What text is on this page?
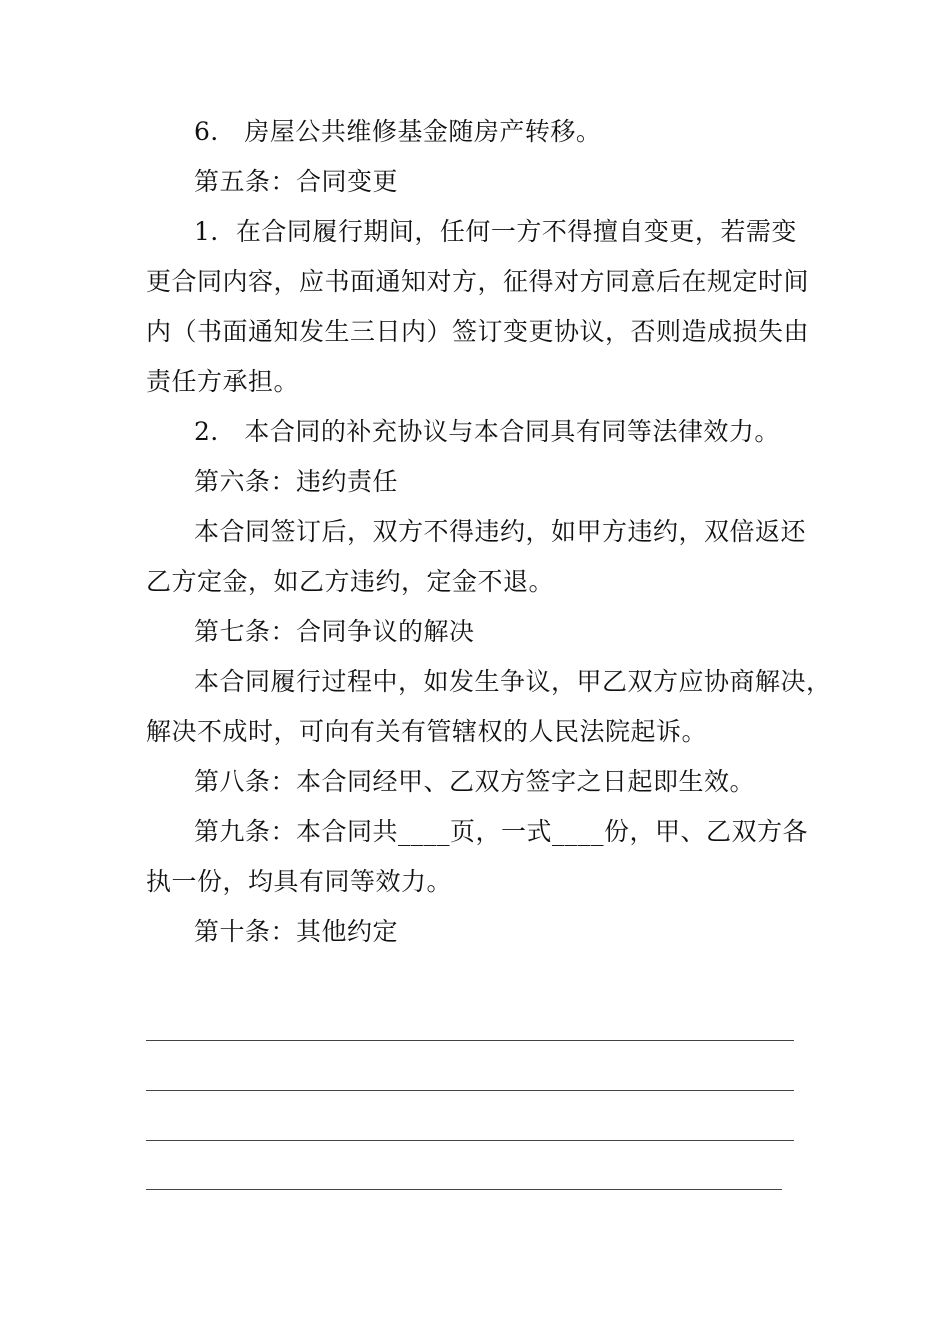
6． 房屋公共维修基金随房产转移。
第五条：合同变更
1．在合同履行期间，任何一方不得擅自变更，若需变
更合同内容，应书面通知对方，征得对方同意后在规定时间
内（书面通知发生三日内）签订变更协议，否则造成损失由
责任方承担。
2． 本合同的补充协议与本合同具有同等法律效力。
第六条：违约责任
本合同签订后，双方不得违约，如甲方违约，双倍返还
乙方定金，如乙方违约，定金不退。
第七条：合同争议的解决
本合同履行过程中，如发生争议，甲乙双方应协商解决，
解决不成时，可向有关有管辖权的人民法院起诉。
第八条：本合同经甲、乙双方签字之日起即生效。
第九条：本合同共____页，一式____份，甲、乙双方各
执一份，均具有同等效力。
第十条：其他约定
